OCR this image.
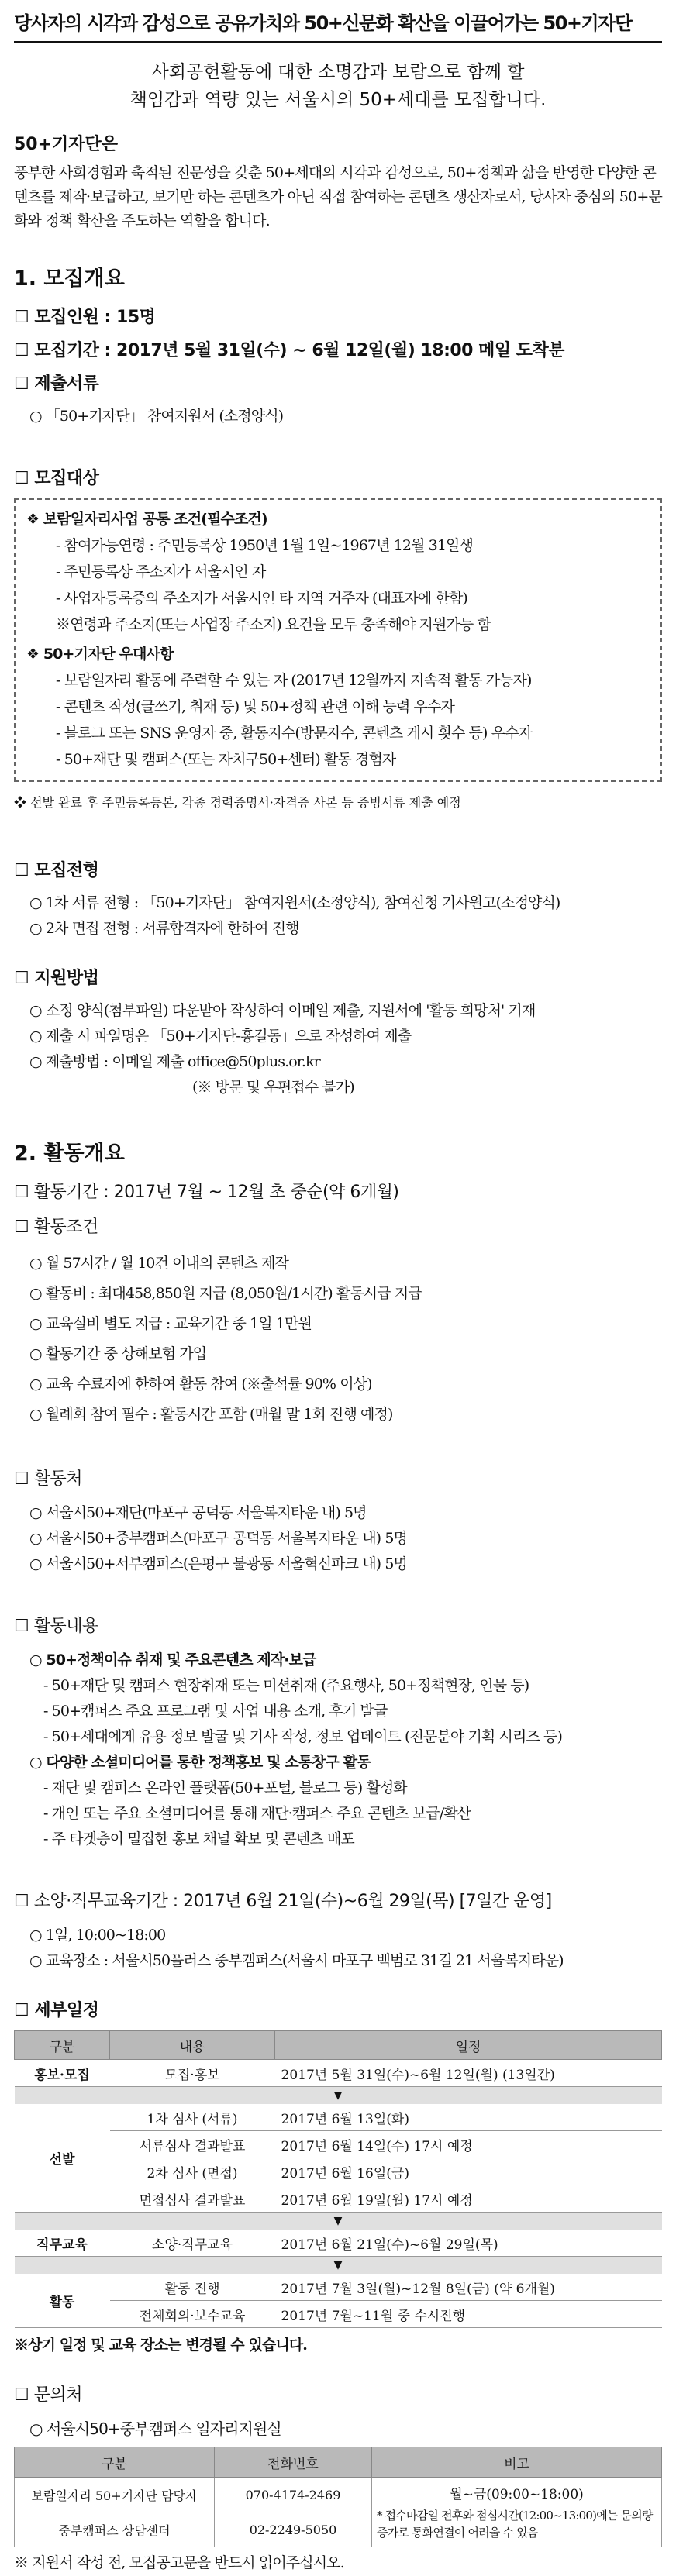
당사자의 시각과 감성으로 공유가치와 50+신문화 확산을 이끌어가는 50+기자단
사회공헌활동에 대한 소명감과 보람으로 함께 할
책임감과 역량 있는 서울시의 50+세대를 모집합니다.
50+기자단은
풍부한 사회경험과 축적된 전문성을 갖춘 50+세대의 시각과 감성으로, 50+정책과 삶을 반영한 다양한 콘텐츠를 제작·보급하고, 보기만 하는 콘텐츠가 아닌 직접 참여하는 콘텐츠 생산자로서, 당사자 중심의 50+문화와 정책 확산을 주도하는 역할을 합니다.
1. 모집개요
☐ 모집인원 : 15명
☐ 모집기간 : 2017년 5월 31일(수) ~ 6월 12일(월) 18:00 메일 도착분
☐ 제출서류
○ 「50+기자단」 참여지원서 (소정양식)
☐ 모집대상
❖ 보람일자리사업 공통 조건(필수조건)
- 참여가능연령 : 주민등록상 1950년 1월 1일~1967년 12월 31일생
- 주민등록상 주소지가 서울시인 자
- 사업자등록증의 주소지가 서울시인 타 지역 거주자 (대표자에 한함)
※연령과 주소지(또는 사업장 주소지) 요건을 모두 충족해야 지원가능 함
❖ 50+기자단 우대사항
- 보람일자리 활동에 주력할 수 있는 자 (2017년 12월까지 지속적 활동 가능자)
- 콘텐츠 작성(글쓰기, 취재 등) 및 50+정책 관련 이해 능력 우수자
- 블로그 또는 SNS 운영자 중, 활동지수(방문자수, 콘텐츠 게시 횟수 등) 우수자
- 50+재단 및 캠퍼스(또는 자치구50+센터) 활동 경험자
❖ 선발 완료 후 주민등록등본, 각종 경력증명서·자격증 사본 등 증빙서류 제출 예정
☐ 모집전형
○ 1차 서류 전형 : 「50+기자단」 참여지원서(소정양식), 참여신청 기사원고(소정양식)
○ 2차 면접 전형 : 서류합격자에 한하여 진행
☐ 지원방법
○ 소정 양식(첨부파일) 다운받아 작성하여 이메일 제출, 지원서에 '활동 희망처' 기재
○ 제출 시 파일명은 「50+기자단-홍길동」으로 작성하여 제출
○ 제출방법 : 이메일 제출 office@50plus.or.kr
(※ 방문 및 우편접수 불가)
2. 활동개요
☐ 활동기간 : 2017년 7월 ~ 12월 초 중순(약 6개월)
☐ 활동조건
○ 월 57시간 / 월 10건 이내의 콘텐츠 제작
○ 활동비 : 최대458,850원 지급 (8,050원/1시간) 활동시급 지급
○ 교육실비 별도 지급 : 교육기간 중 1일 1만원
○ 활동기간 중 상해보험 가입
○ 교육 수료자에 한하여 활동 참여 (※출석률 90% 이상)
○ 월례회 참여 필수 : 활동시간 포함 (매월 말 1회 진행 예정)
☐ 활동처
○ 서울시50+재단(마포구 공덕동 서울복지타운 내) 5명
○ 서울시50+중부캠퍼스(마포구 공덕동 서울복지타운 내) 5명
○ 서울시50+서부캠퍼스(은평구 불광동 서울혁신파크 내) 5명
☐ 활동내용
○ 50+정책이슈 취재 및 주요콘텐츠 제작·보급
- 50+재단 및 캠퍼스 현장취재 또는 미션취재 (주요행사, 50+정책현장, 인물 등)
- 50+캠퍼스 주요 프로그램 및 사업 내용 소개, 후기 발굴
- 50+세대에게 유용 정보 발굴 및 기사 작성, 정보 업데이트 (전문분야 기획 시리즈 등)
○ 다양한 소셜미디어를 통한 정책홍보 및 소통창구 활동
- 재단 및 캠퍼스 온라인 플랫폼(50+포털, 블로그 등) 활성화
- 개인 또는 주요 소셜미디어를 통해 재단·캠퍼스 주요 콘텐츠 보급/확산
- 주 타겟층이 밀집한 홍보 채널 확보 및 콘텐츠 배포
☐ 소양·직무교육기간 : 2017년 6월 21일(수)~6월 29일(목) [7일간 운영]
○ 1일, 10:00~18:00
○ 교육장소 : 서울시50플러스 중부캠퍼스(서울시 마포구 백범로 31길 21 서울복지타운)
☐ 세부일정
구분	내용	일정
홍보·모집	모집·홍보	2017년 5월 31일(수)~6월 12일(월) (13일간)
▼		
선발	1차 심사 (서류)	2017년 6월 13일(화)
	서류심사 결과발표	2017년 6월 14일(수) 17시 예정
	2차 심사 (면접)	2017년 6월 16일(금)
	면접심사 결과발표	2017년 6월 19일(월) 17시 예정
▼		
직무교육	소양·직무교육	2017년 6월 21일(수)~6월 29일(목)
▼		
활동	활동 진행	2017년 7월 3일(월)~12월 8일(금) (약 6개월)
	전체회의·보수교육	2017년 7월~11월 중 수시진행
※상기 일정 및 교육 장소는 변경될 수 있습니다.
☐ 문의처
○ 서울시50+중부캠퍼스 일자리지원실
구분	전화번호	비고
보람일자리 50+기자단 담당자	070-4174-2469	월~금(09:00~18:00)
* 접수마감일 전후와 점심시간(12:00~13:00)에는 문의량 증가로 통화연결이 어려울 수 있음

중부캠퍼스 상담센터	02-2249-5050	
※ 지원서 작성 전, 모집공고문을 반드시 읽어주십시오.
